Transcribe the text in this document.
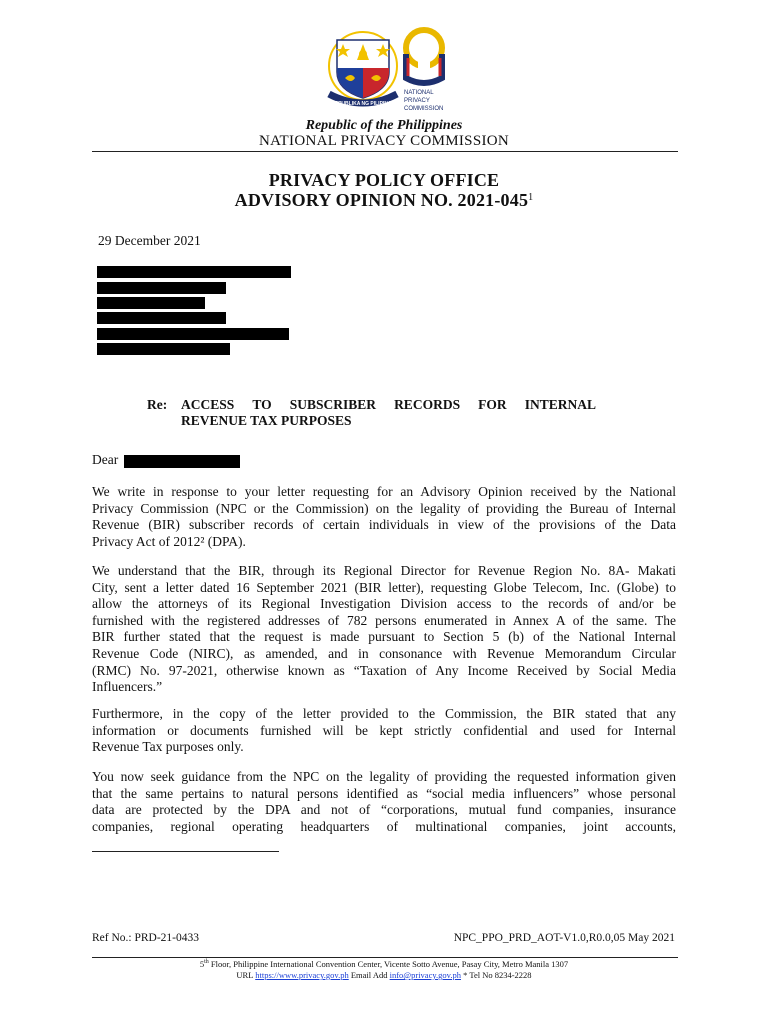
REPUBLIKA NG PILIPINAS
NATIONAL
PRIVACY
COMMISSION
Republic of the Philippines
NATIONAL PRIVACY COMMISSION
PRIVACY POLICY OFFICE
ADVISORY OPINION NO. $2021-045^1$
29 December 2021
Re: ACCESS TO SUBSCRIBER RECORDS FOR INTERNAL
REVENUE TAX PURPOSES
Dear
We write in response to your letter requesting for an Advisory Opinion received by the National
Privacy Commission (NPC or the Commission) on the legality of providing the Bureau of Internal
Revenue (BIR) subscriber records of certain individuals in view of the provisions of the Data
Privacy Act of 2012² (DPA).
We understand that the BIR, through its Regional Director for Revenue Region No. 8A- Makati
City, sent a letter dated 16 September 2021 (BIR letter), requesting Globe Telecom, Inc. (Globe) to
allow the attorneys of its Regional Investigation Division access to the records of and/or be
furnished with the registered addresses of 782 persons enumerated in Annex A of the same. The
BIR further stated that the request is made pursuant to Section 5 (b) of the National Internal
Revenue Code (NIRC), as amended, and in consonance with Revenue Memorandum Circular
(RMC) No. 97-2021, otherwise known as “Taxation of Any Income Received by Social Media
Influencers.”
Furthermore, in the copy of the letter provided to the Commission, the BIR stated that any
information or documents furnished will be kept strictly confidential and used for Internal
Revenue Tax purposes only.
You now seek guidance from the NPC on the legality of providing the requested information given
that the same pertains to natural persons identified as “social media influencers” whose personal
data are protected by the DPA and not of “corporations, mutual fund companies, insurance
companies, regional operating headquarters of multinational companies, joint accounts,
Ref No.: PRD-21-0433	NPC_PPO_PRD_AOT-V1.0,R0.0,05 May 2021
5th Floor, Philippine International Convention Center, Vicente Sotto Avenue, Pasay City, Metro Manila 1307
URL https://www.privacy.gov.ph Email Add info@privacy.gov.ph * Tel No 8234-2228
